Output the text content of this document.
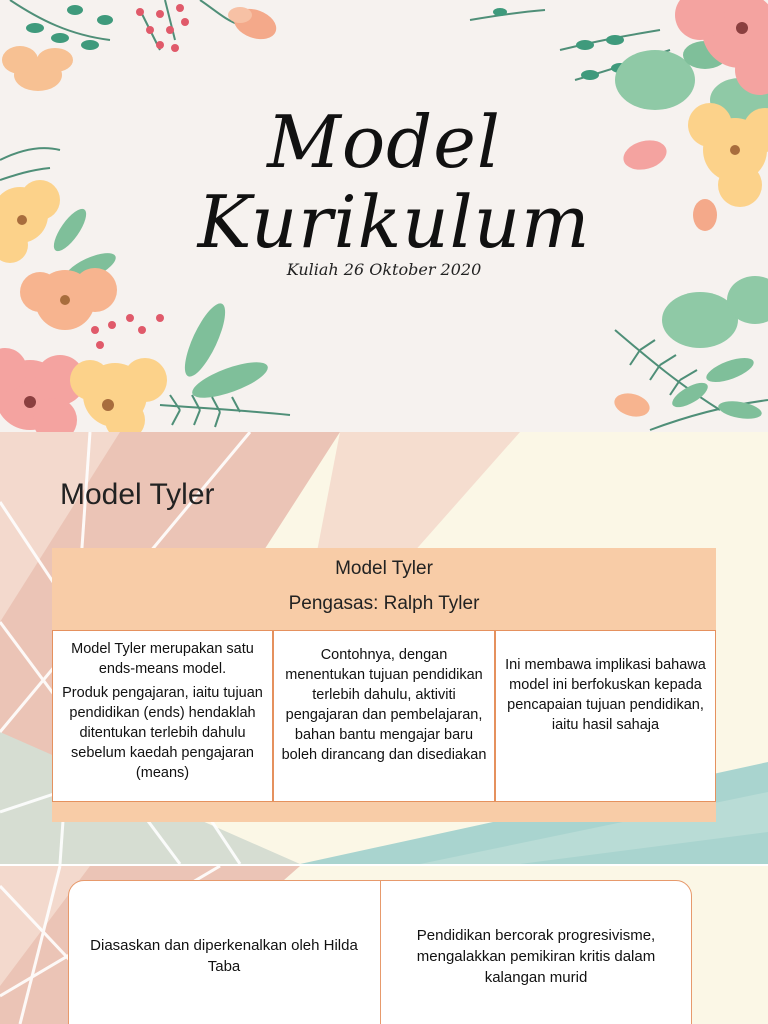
Model
Kurikulum
Kuliah 26 Oktober 2020
Model Tyler
Model Tyler
Pengasas: Ralph Tyler

Model Tyler merupakan satu ends-means model.

Produk pengajaran, iaitu tujuan pendidikan (ends) hendaklah ditentukan terlebih dahulu sebelum kaedah pengajaran (means)

Contohnya, dengan menentukan tujuan pendidikan terlebih dahulu, aktiviti pengajaran dan pembelajaran, bahan bantu mengajar baru boleh dirancang dan disediakan

Ini membawa implikasi bahawa model ini berfokuskan kepada pencapaian tujuan pendidikan, iaitu hasil sahaja

Diasaskan dan diperkenalkan oleh Hilda Taba
Pendidikan bercorak progresivisme, mengalakkan pemikiran kritis dalam kalangan murid
